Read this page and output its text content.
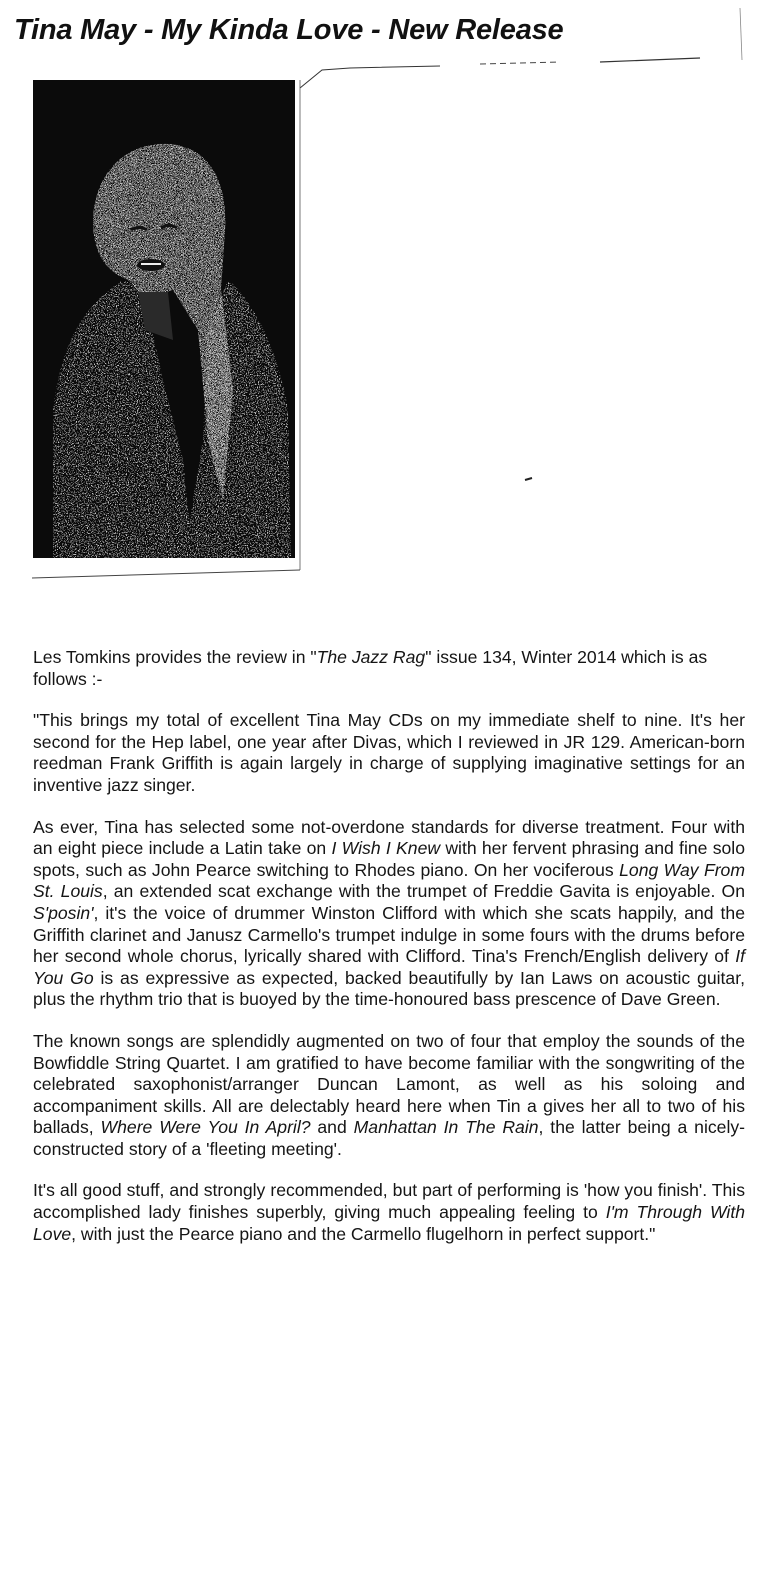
Tina May - My Kinda Love - New Release

Les Tomkins provides the review in "The Jazz Rag" issue 134, Winter 2014 which is as follows :-

"This brings my total of excellent Tina May CDs on my immediate shelf to nine. It's her second for the Hep label, one year after Divas, which I reviewed in JR 129. American-born reedman Frank Griffith is again largely in charge of supplying imaginative settings for an inventive jazz singer.

As ever, Tina has selected some not-overdone standards for diverse treatment. Four with an eight piece include a Latin take on I Wish I Knew with her fervent phrasing and fine solo spots, such as John Pearce switching to Rhodes piano. On her vociferous Long Way From St. Louis, an extended scat exchange with the trumpet of Freddie Gavita is enjoyable. On S'posin', it's the voice of drummer Winston Clifford with which she scats happily, and the Griffith clarinet and Janusz Carmello's trumpet indulge in some fours with the drums before her second whole chorus, lyrically shared with Clifford. Tina's French/English delivery of If You Go is as expressive as expected, backed beautifully by Ian Laws on acoustic guitar, plus the rhythm trio that is buoyed by the time-honoured bass prescence of Dave Green.

The known songs are splendidly augmented on two of four that employ the sounds of the Bowfiddle String Quartet. I am gratified to have become familiar with the songwriting of the celebrated saxophonist/arranger Duncan Lamont, as well as his soloing and accompaniment skills. All are delectably heard here when Tin a gives her all to two of his ballads, Where Were You In April? and Manhattan In The Rain, the latter being a nicely-constructed story of a 'fleeting meeting'.

It's all good stuff, and strongly recommended, but part of performing is 'how you finish'. This accomplished lady finishes superbly, giving much appealing feeling to I'm Through With Love, with just the Pearce piano and the Carmello flugelhorn in perfect support."
